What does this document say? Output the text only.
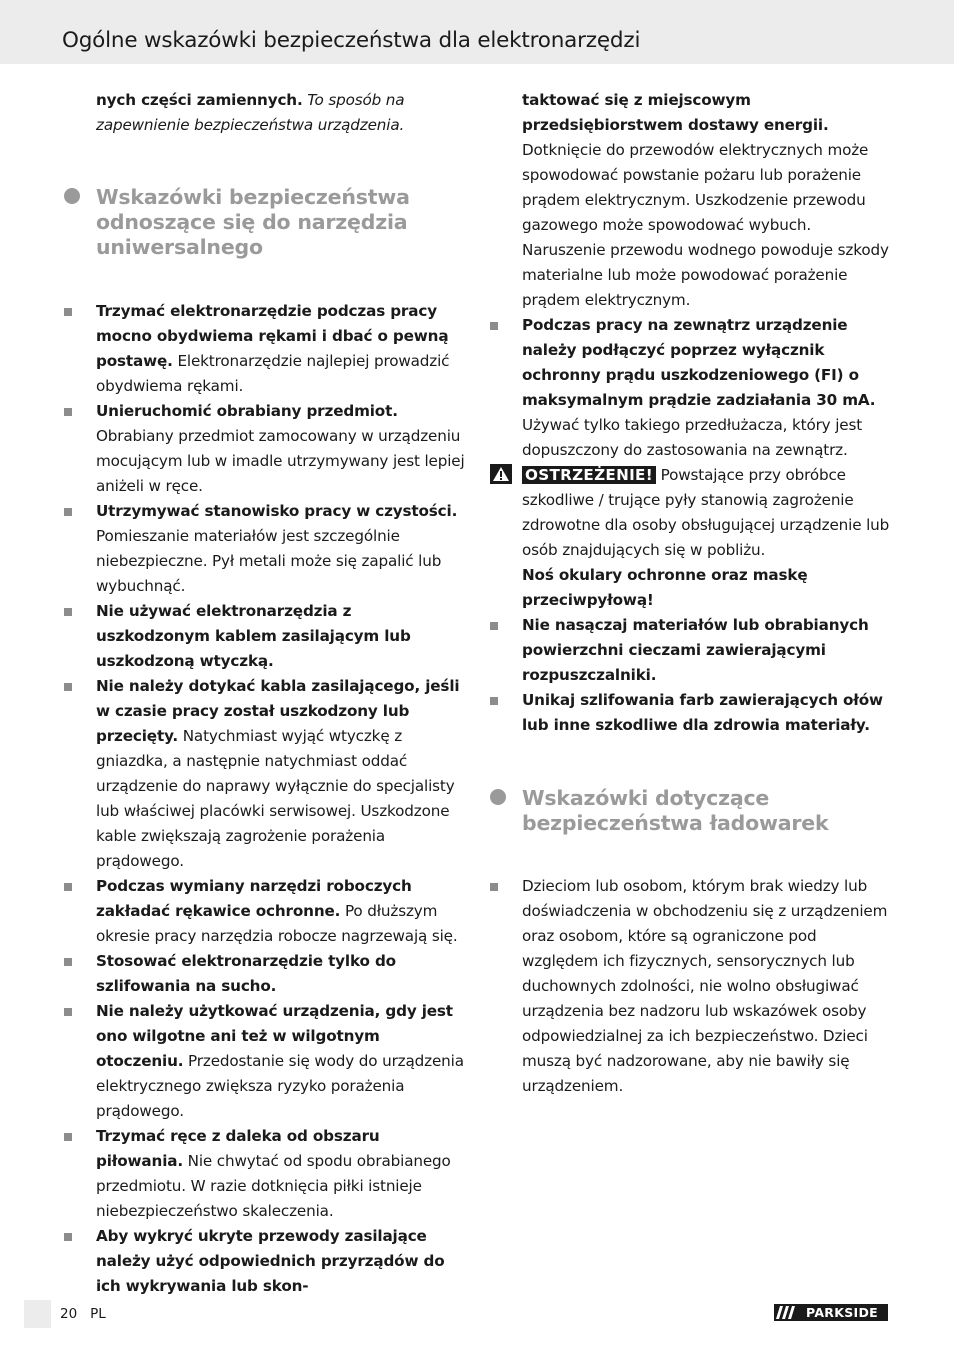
Ogólne wskazówki bezpieczeństwa dla elektronarzędzi

nych części zamiennych. To sposób na zapewnienie bezpieczeństwa urządzenia.

Wskazówki bezpieczeństwa odnoszące się do narzędzia uniwersalnego
Trzymać elektronarzędzie podczas pracy mocno obydwiema rękami i dbać o pewną postawę. Elektronarzędzie najlepiej prowadzić obydwiema rękami.
Unieruchomić obrabiany przedmiot. Obrabiany przedmiot zamocowany w urządzeniu mocującym lub w imadle utrzymywany jest lepiej aniżeli w ręce.
Utrzymywać stanowisko pracy w czystości. Pomieszanie materiałów jest szczególnie niebezpieczne. Pył metali może się zapalić lub wybuchnąć.
Nie używać elektronarzędzia z uszkodzonym kablem zasilającym lub uszkodzoną wtyczką.
Nie należy dotykać kabla zasilającego, jeśli w czasie pracy został uszkodzony lub przecięty. Natychmiast wyjąć wtyczkę z gniazdka, a następnie natychmiast oddać urządzenie do naprawy wyłącznie do specjalisty lub właściwej placówki serwisowej. Uszkodzone kable zwiększają zagrożenie porażenia prądowego.
Podczas wymiany narzędzi roboczych zakładać rękawice ochronne. Po dłuższym okresie pracy narzędzia robocze nagrzewają się.
Stosować elektronarzędzie tylko do szlifowania na sucho.
Nie należy użytkować urządzenia, gdy jest ono wilgotne ani też w wilgotnym otoczeniu. Przedostanie się wody do urządzenia elektrycznego zwiększa ryzyko porażenia prądowego.
Trzymać ręce z daleka od obszaru piłowania. Nie chwytać od spodu obrabianego przedmiotu. W razie dotknięcia piłki istnieje niebezpieczeństwo skaleczenia.
Aby wykryć ukryte przewody zasilające należy użyć odpowiednich przyrządów do ich wykrywania lub skon-

taktować się z miejscowym przedsiębiorstwem dostawy energii. Dotknięcie do przewodów elektrycznych może spowodować powstanie pożaru lub porażenie prądem elektrycznym. Uszkodzenie przewodu gazowego może spowodować wybuch. Naruszenie przewodu wodnego powoduje szkody materialne lub może powodować porażenie prądem elektrycznym.

Podczas pracy na zewnątrz urządzenie należy podłączyć poprzez wyłącznik ochronny prądu uszkodzeniowego (FI) o maksymalnym prądzie zadziałania 30 mA. Używać tylko takiego przedłużacza, który jest dopuszczony do zastosowania na zewnątrz.

OSTRZEŻENIE! Powstające przy obróbce szkodliwe / trujące pyły stanowią zagrożenie zdrowotne dla osoby obsługującej urządzenie lub osób znajdujących się w pobliżu.

Noś okulary ochronne oraz maskę przeciwpyłową!

Nie nasączaj materiałów lub obrabianych powierzchni cieczami zawierającymi rozpuszczalniki.
Unikaj szlifowania farb zawierających ołów lub inne szkodliwe dla zdrowia materiały.
Wskazówki dotyczące bezpieczeństwa ładowarek
Dzieciom lub osobom, którym brak wiedzy lub doświadczenia w obchodzeniu się z urządzeniem oraz osobom, które są ograniczone pod względem ich fizycznych, sensorycznych lub duchownych zdolności, nie wolno obsługiwać urządzenia bez nadzoru lub wskazówek osoby odpowiedzialnej za ich bezpieczeństwo. Dzieci muszą być nadzorowane, aby nie bawiły się urządzeniem.
20 PL	PARKSIDE
